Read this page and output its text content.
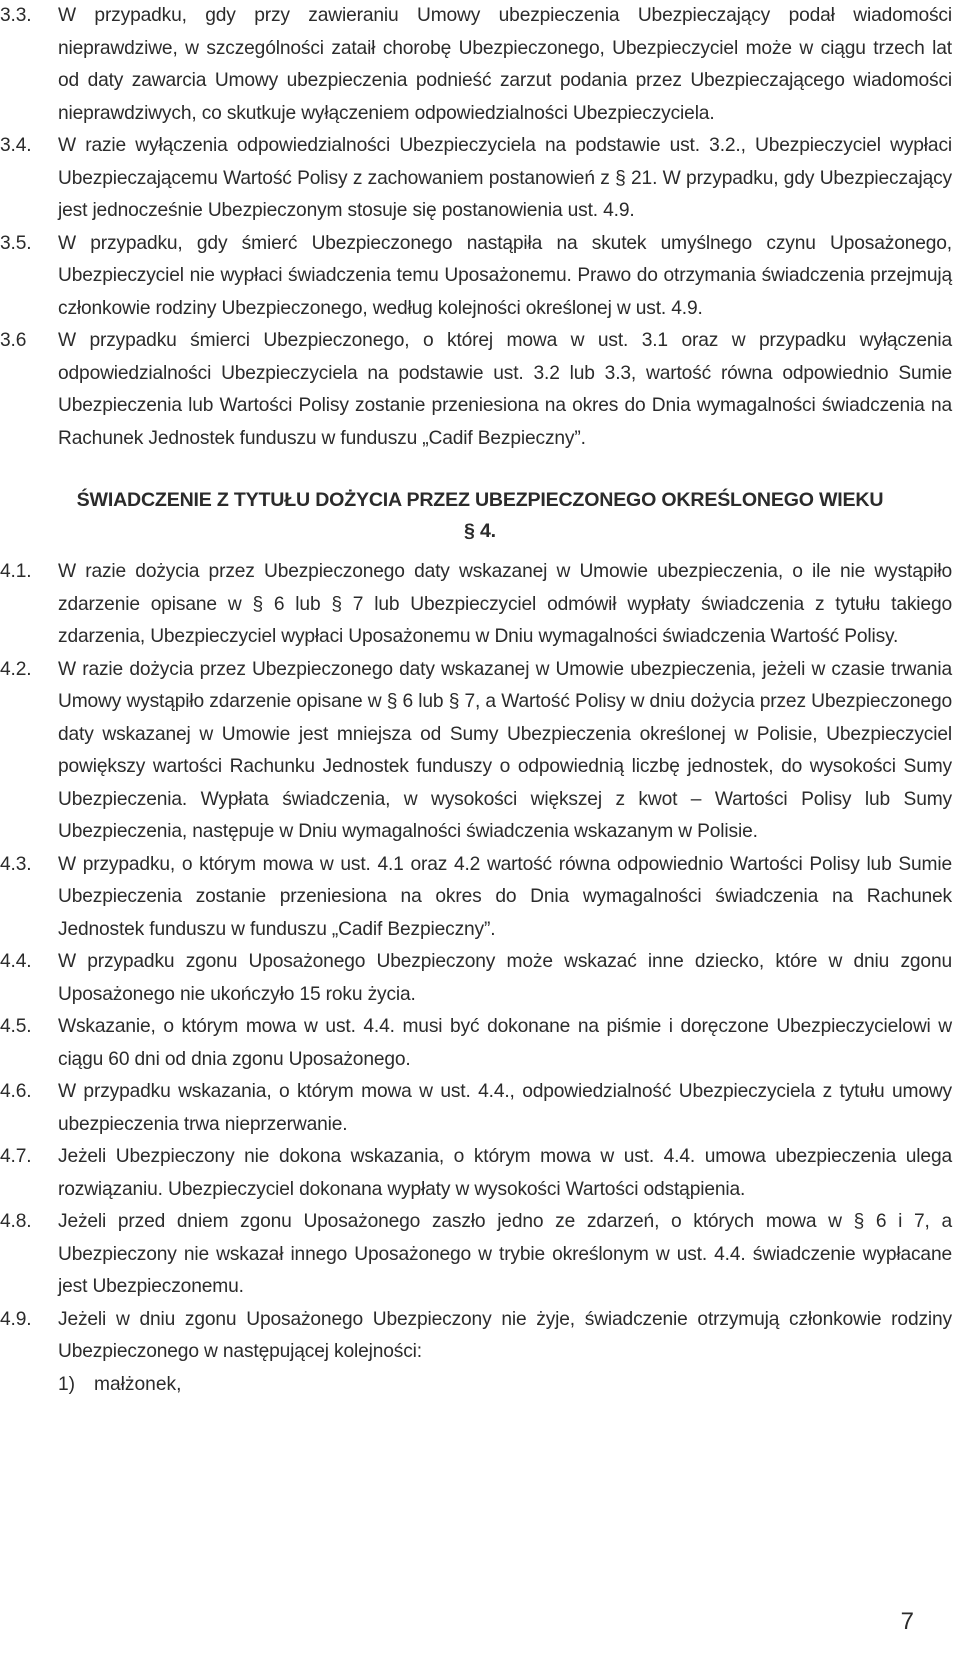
3.3. W przypadku, gdy przy zawieraniu Umowy ubezpieczenia Ubezpieczający podał wiadomości nieprawdziwe, w szczególności zataił chorobę Ubezpieczonego, Ubezpieczyciel może w ciągu trzech lat od daty zawarcia Umowy ubezpieczenia podnieść zarzut podania przez Ubezpieczającego wiadomości nieprawdziwych, co skutkuje wyłączeniem odpowiedzialności Ubezpieczyciela.
3.4. W razie wyłączenia odpowiedzialności Ubezpieczyciela na podstawie ust. 3.2., Ubezpieczyciel wypłaci Ubezpieczającemu Wartość Polisy z zachowaniem postanowień z § 21. W przypadku, gdy Ubezpieczający jest jednocześnie Ubezpieczonym stosuje się postanowienia ust. 4.9.
3.5. W przypadku, gdy śmierć Ubezpieczonego nastąpiła na skutek umyślnego czynu Uposażonego, Ubezpieczyciel nie wypłaci świadczenia temu Uposażonemu. Prawo do otrzymania świadczenia przejmują członkowie rodziny Ubezpieczonego, według kolejności określonej w ust. 4.9.
3.6 W przypadku śmierci Ubezpieczonego, o której mowa w ust. 3.1 oraz w przypadku wyłączenia odpowiedzialności Ubezpieczyciela na podstawie ust. 3.2 lub 3.3, wartość równa odpowiednio Sumie Ubezpieczenia lub Wartości Polisy zostanie przeniesiona na okres do Dnia wymagalności świadczenia na Rachunek Jednostek funduszu w funduszu „Cadif Bezpieczny”.
ŚWIADCZENIE Z TYTUŁU DOŻYCIA PRZEZ UBEZPIECZONEGO OKREŚLONEGO WIEKU
§ 4.
4.1. W razie dożycia przez Ubezpieczonego daty wskazanej w Umowie ubezpieczenia, o ile nie wystąpiło zdarzenie opisane w § 6 lub § 7 lub Ubezpieczyciel odmówił wypłaty świadczenia z tytułu takiego zdarzenia, Ubezpieczyciel wypłaci Uposażonemu w Dniu wymagalności świadczenia Wartość Polisy.
4.2. W razie dożycia przez Ubezpieczonego daty wskazanej w Umowie ubezpieczenia, jeżeli w czasie trwania Umowy wystąpiło zdarzenie opisane w § 6 lub § 7, a Wartość Polisy w dniu dożycia przez Ubezpieczonego daty wskazanej w Umowie jest mniejsza od Sumy Ubezpieczenia określonej w Polisie, Ubezpieczyciel powiększy wartości Rachunku Jednostek funduszy o odpowiednią liczbę jednostek, do wysokości Sumy Ubezpieczenia. Wypłata świadczenia, w wysokości większej z kwot – Wartości Polisy lub Sumy Ubezpieczenia, następuje w Dniu wymagalności świadczenia wskazanym w Polisie.
4.3. W przypadku, o którym mowa w ust. 4.1 oraz 4.2 wartość równa odpowiednio Wartości Polisy lub Sumie Ubezpieczenia zostanie przeniesiona na okres do Dnia wymagalności świadczenia na Rachunek Jednostek funduszu w funduszu „Cadif Bezpieczny”.
4.4. W przypadku zgonu Uposażonego Ubezpieczony może wskazać inne dziecko, które w dniu zgonu Uposażonego nie ukończyło 15 roku życia.
4.5. Wskazanie, o którym mowa w ust. 4.4. musi być dokonane na piśmie i doręczone Ubezpieczycielowi w ciągu 60 dni od dnia zgonu Uposażonego.
4.6. W przypadku wskazania, o którym mowa w ust. 4.4., odpowiedzialność Ubezpieczyciela z tytułu umowy ubezpieczenia trwa nieprzerwanie.
4.7. Jeżeli Ubezpieczony nie dokona wskazania, o którym mowa w ust. 4.4. umowa ubezpieczenia ulega rozwiązaniu. Ubezpieczyciel dokonana wypłaty w wysokości Wartości odstąpienia.
4.8. Jeżeli przed dniem zgonu Uposażonego zaszło jedno ze zdarzeń, o których mowa w § 6 i 7, a Ubezpieczony nie wskazał innego Uposażonego w trybie określonym w ust. 4.4. świadczenie wypłacane jest Ubezpieczonemu.
4.9. Jeżeli w dniu zgonu Uposażonego Ubezpieczony nie żyje, świadczenie otrzymują członkowie rodziny Ubezpieczonego w następującej kolejności:
1) małżonek,
7
